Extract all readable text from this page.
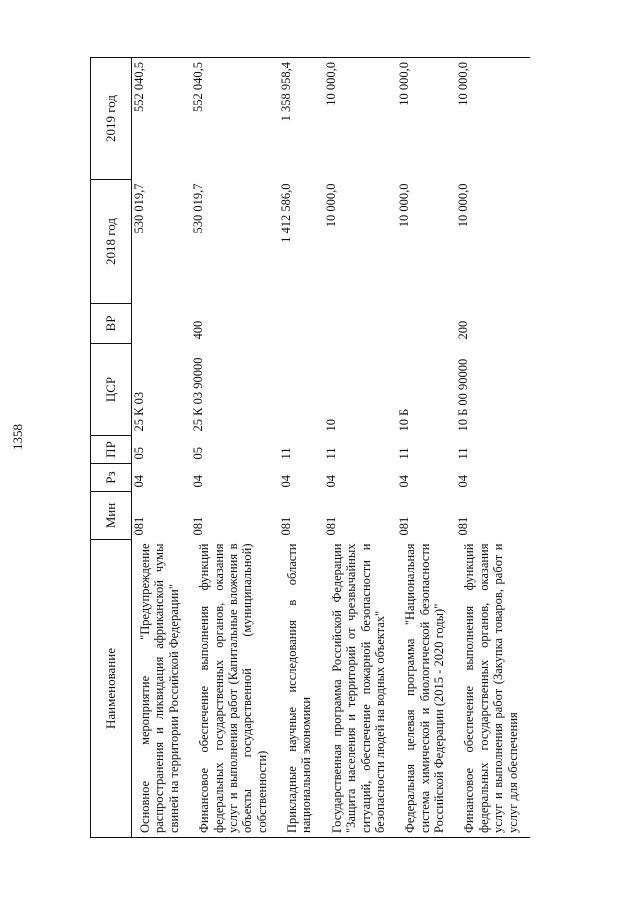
1358
Наименование	Мин	Рз	ПР	ЦСР	ВР	2018 год	2019 год
Основное мероприятие "Предупреждение распространения и ликвидация африканской чумы свиней на территории Российской Федерации"	081	04	05	25 К 03		530 019,7	552 040,5
Финансовое обеспечение выполнения функций федеральных государственных органов, оказания услуг и выполнения работ (Капитальные вложения в объекты государственной (муниципальной) собственности)	081	04	05	25 К 03 90000	400	530 019,7	552 040,5
Прикладные научные исследования в области национальной экономики	081	04	11			1 412 586,0	1 358 958,4
Государственная программа Российской Федерации "Защита населения и территорий от чрезвычайных ситуаций, обеспечение пожарной безопасности и безопасности людей на водных объектах"	081	04	11	10		10 000,0	10 000,0
Федеральная целевая программа "Национальная система химической и биологической безопасности Российской Федерации (2015 - 2020 годы)"	081	04	11	10 Б		10 000,0	10 000,0
Финансовое обеспечение выполнения функций федеральных государственных органов, оказания услуг и выполнения работ (Закупка товаров, работ и услуг для обеспечения	081	04	11	10 Б 00 90000	200	10 000,0	10 000,0
